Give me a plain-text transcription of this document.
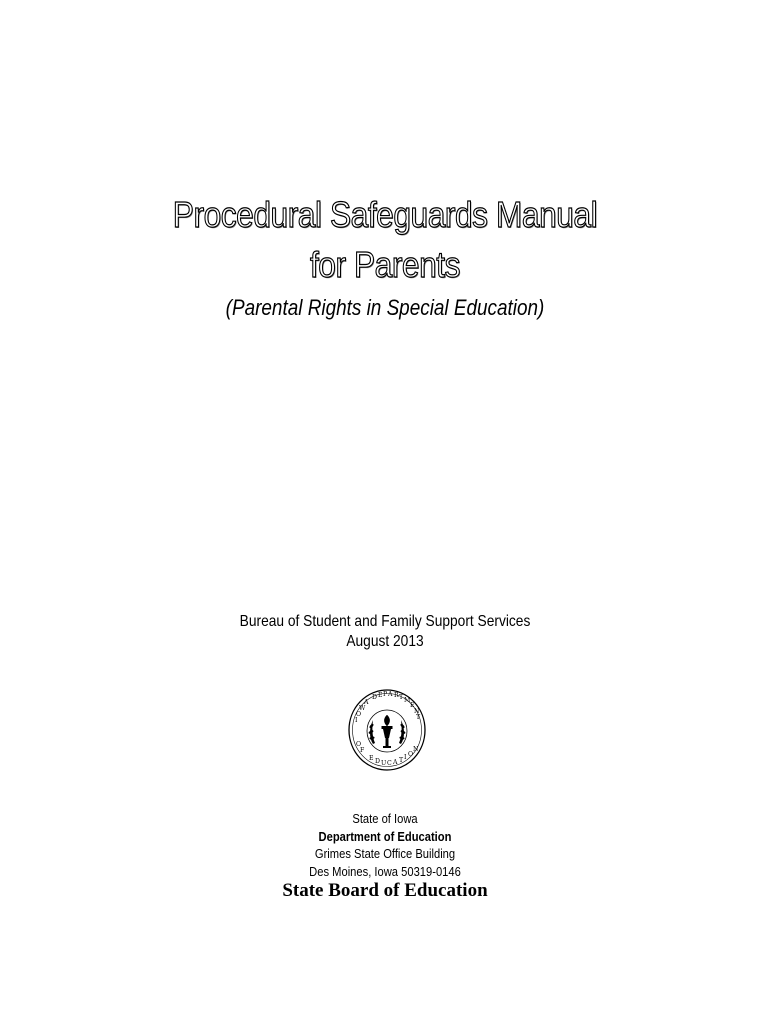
Procedural Safeguards Manual
for Parents
(Parental Rights in Special Education)
Bureau of Student and Family Support Services
August 2013
I
O
W
A
D E P A R T M
E
N
T
O
F
E D U C A T I O
N
State of Iowa
Department of Education
Grimes State Office Building
Des Moines, Iowa 50319-0146
State Board of Education
